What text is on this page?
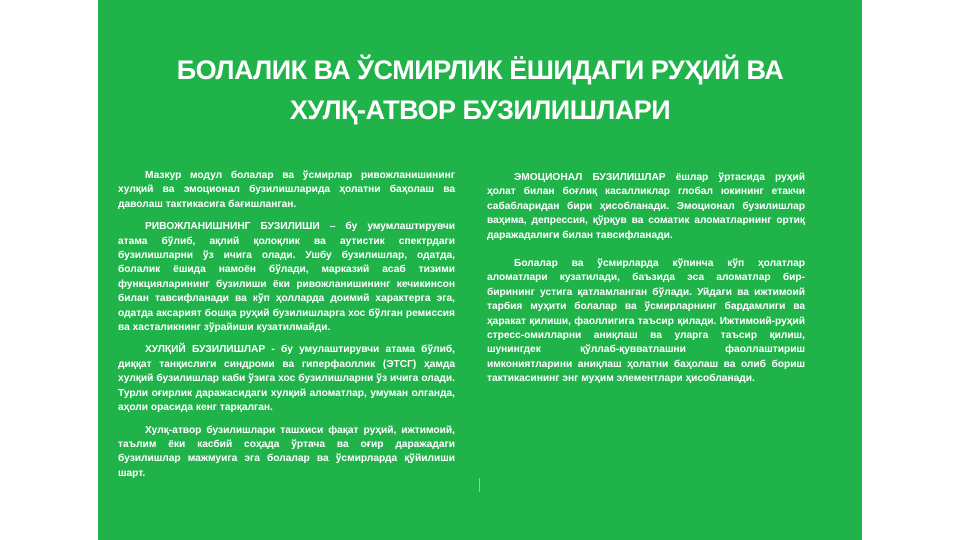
БОЛАЛИК ВА ЎСМИРЛИК ЁШИДАГИ РУҲИЙ ВА
ХУЛҚ-АТВОР БУЗИЛИШЛАРИ

Мазкур модул болалар ва ўсмирлар ривожланишининг хулқий ва эмоционал бузилишларида ҳолатни баҳолаш ва даволаш тактикасига бағишланган.

РИВОЖЛАНИШНИНГ БУЗИЛИШИ – бу умумлаштирувчи атама бўлиб, ақлий қолоқлик ва аутистик спектрдаги бузилишларни ўз ичига олади. Ушбу бузилишлар, одатда, болалик ёшида намоён бўлади, марказий асаб тизими функцияларининг бузилиши ёки ривожланишининг кечикинсон билан тавсифланади ва кўп ҳолларда доимий характерга эга, одатда аксарият бошқа руҳий бузилишларга хос бўлган ремиссия ва хасталикнинг зўрайиши кузатилмайди.

ХУЛҚИЙ БУЗИЛИШЛАР - бу умулаштирувчи атама бўлиб, диққат танқислиги синдроми ва гиперфаоллик (ЭТСГ) ҳамда хулқий бузилишлар каби ўзига хос бузилишларни ўз ичига олади. Турли оғирлик даражасидаги хулқий аломатлар, умуман олганда, аҳоли орасида кенг тарқалган.

Хулқ-атвор бузилишлари ташхиси фақат руҳий, ижтимоий, таълим ёки касбий соҳада ўртача ва оғир даражадаги бузилишлар мажмуига эга болалар ва ўсмирларда қўйилиши шарт.

ЭМОЦИОНАЛ БУЗИЛИШЛАР ёшлар ўртасида руҳий ҳолат билан боғлиқ касалликлар глобал юкининг етакчи сабабларидан бири ҳисобланади. Эмоционал бузилишлар ваҳима, депрессия, қўрқув ва соматик аломатларнинг ортиқ даражадалиги билан тавсифланади.

Болалар ва ўсмирларда кўпинча кўп ҳолатлар аломатлари кузатилади, баъзида эса аломатлар бир-бирининг устига қатламланган бўлади. Уйдаги ва ижтимоий тарбия муҳити болалар ва ўсмирларнинг бардамлиги ва ҳаракат қилиши, фаоллигига таъсир қилади. Ижтимоий-руҳий стресс-омилларни аниқлаш ва уларга таъсир қилиш, шунингдек қўллаб-қувватлашни фаоллаштириш имкониятларини аниқлаш ҳолатни баҳолаш ва олиб бориш тактикасининг энг муҳим элементлари ҳисобланади.
